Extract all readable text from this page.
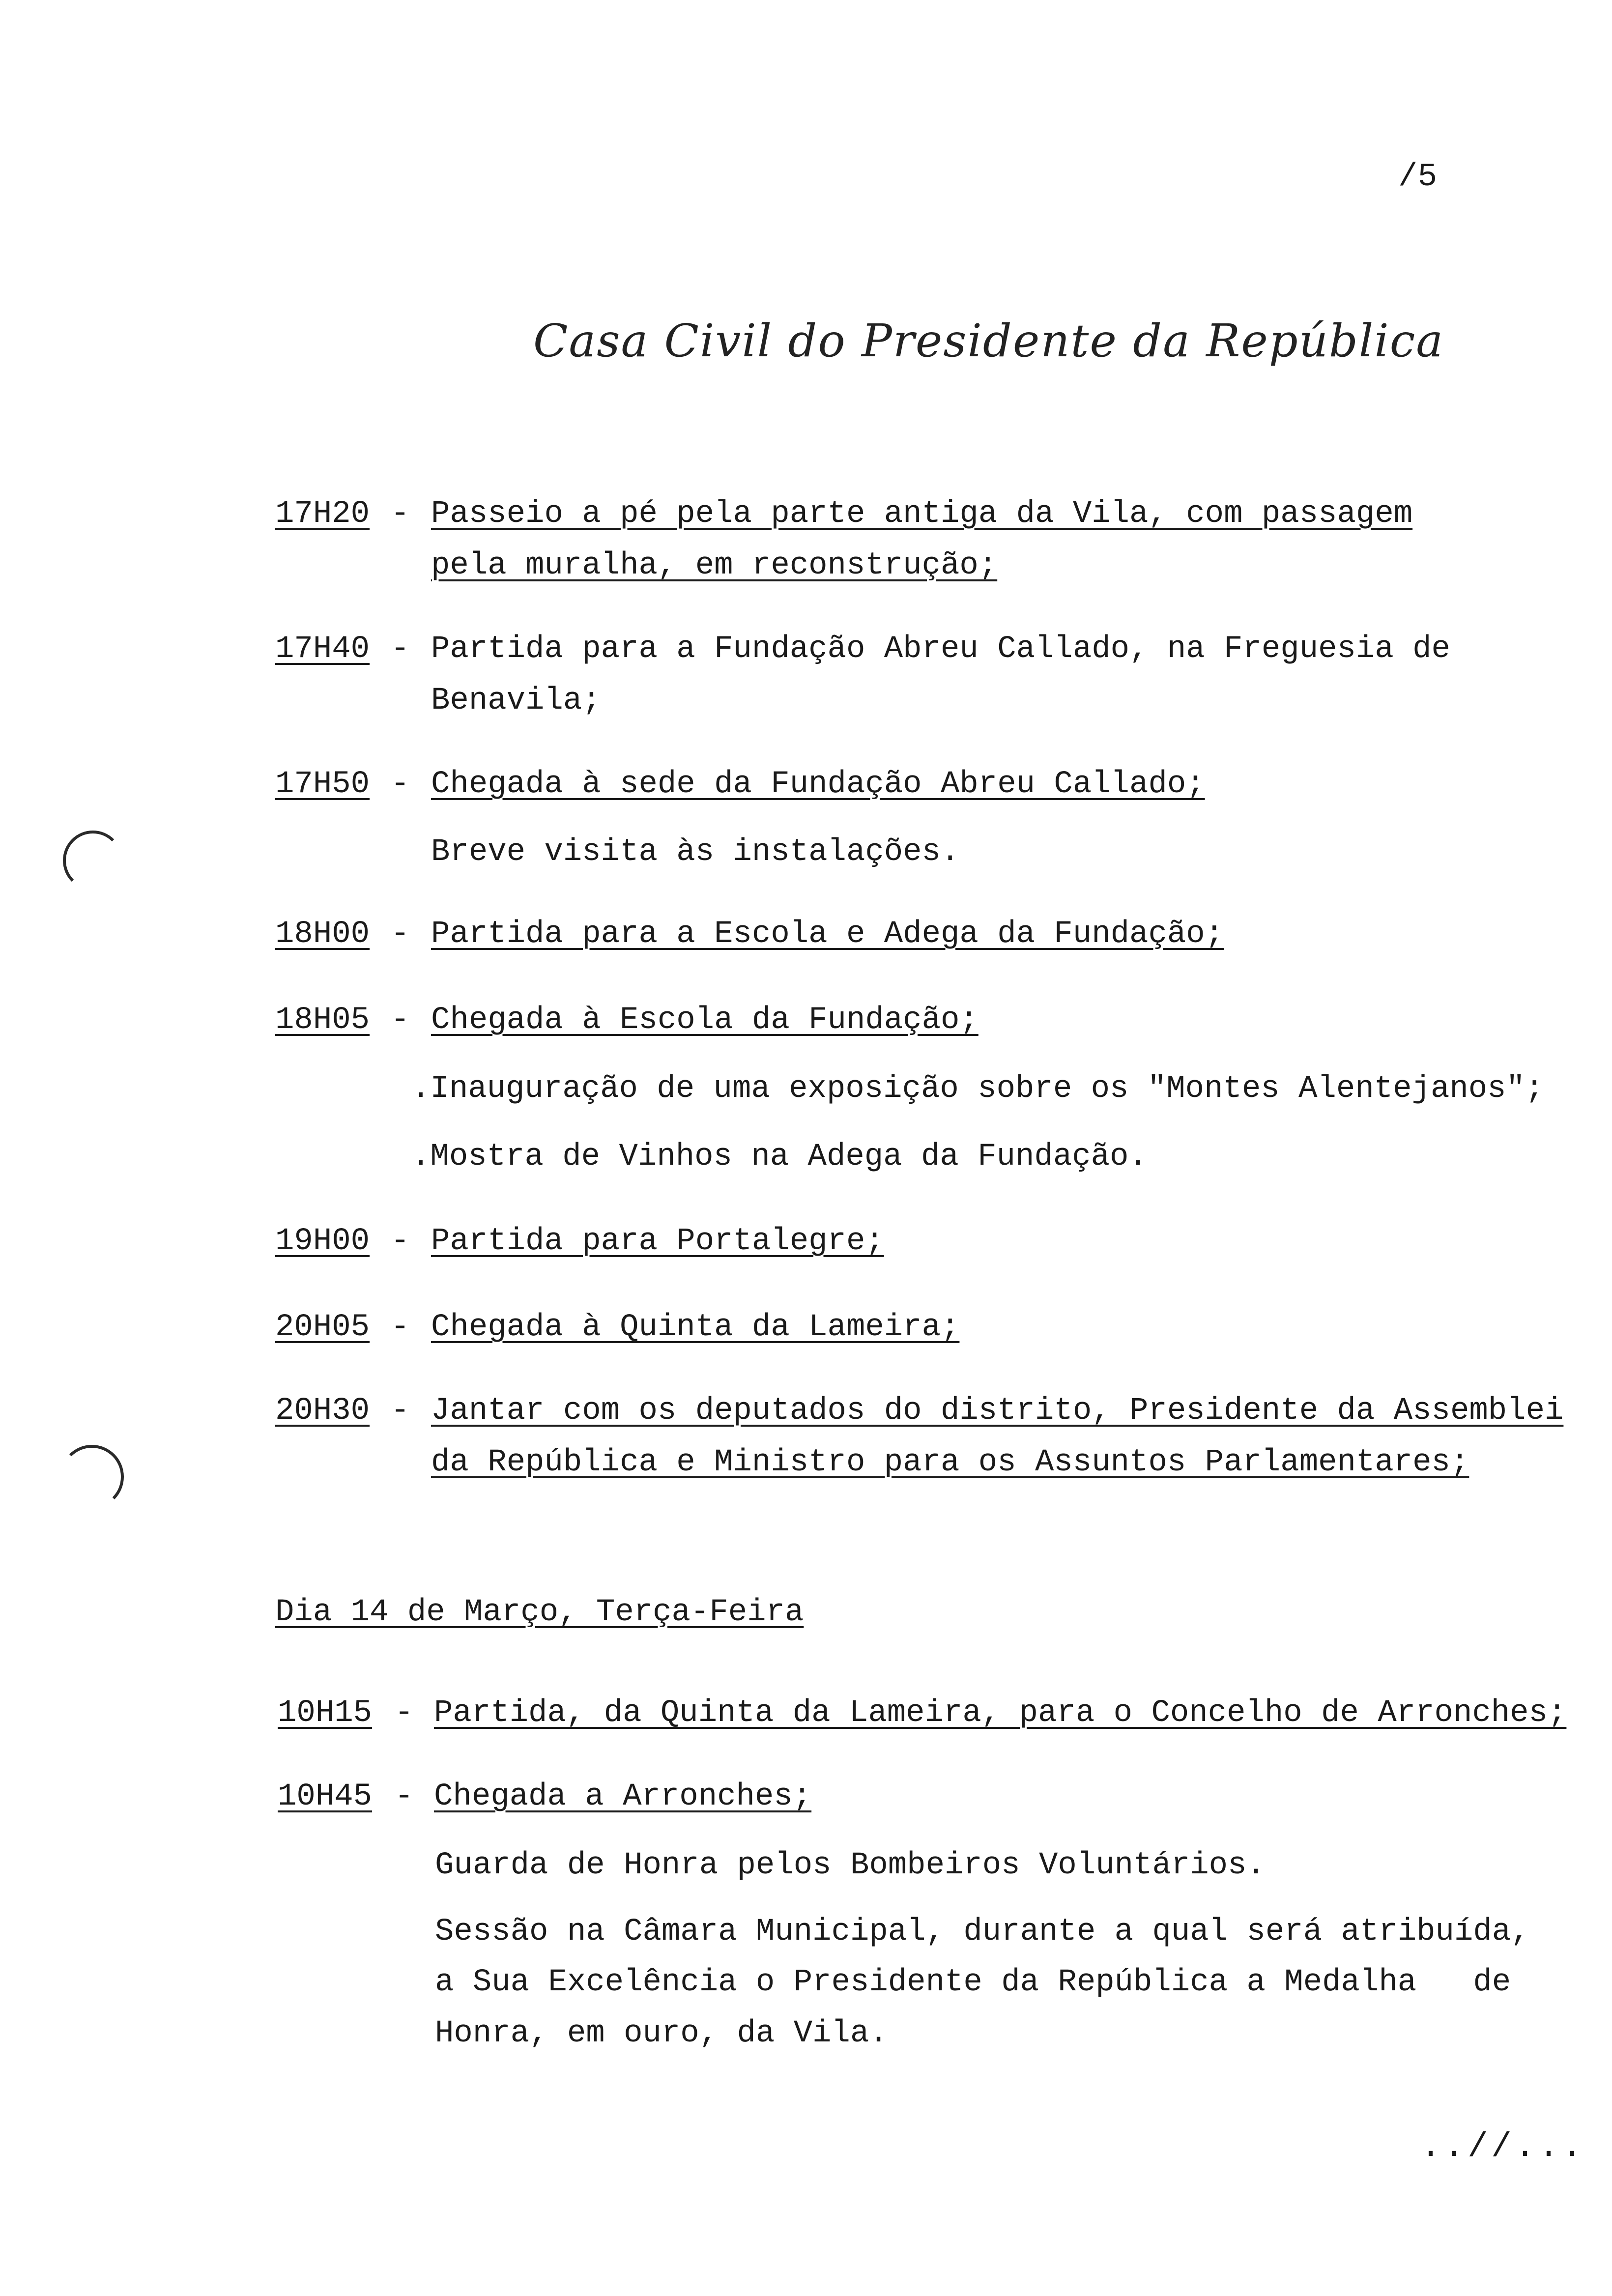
/5
Casa Civil do Presidente da República
17H20 - Passeio a pé pela parte antiga da Vila, com passagem
pela muralha, em reconstrução;
17H40 - Partida para a Fundação Abreu Callado, na Freguesia de
Benavila;
17H50 - Chegada à sede da Fundação Abreu Callado;
Breve visita às instalações.
18H00 - Partida para a Escola e Adega da Fundação;
18H05 - Chegada à Escola da Fundação;
.Inauguração de uma exposição sobre os "Montes Alentejanos";
.Mostra de Vinhos na Adega da Fundação.
19H00 - Partida para Portalegre;
20H05 - Chegada à Quinta da Lameira;
20H30 - Jantar com os deputados do distrito, Presidente da Assemblei
da República e Ministro para os Assuntos Parlamentares;
Dia 14 de Março, Terça-Feira
10H15 - Partida, da Quinta da Lameira, para o Concelho de Arronches;
10H45 - Chegada a Arronches;
Guarda de Honra pelos Bombeiros Voluntários.
Sessão na Câmara Municipal, durante a qual será atribuída,
a Sua Excelência o Presidente da República a Medalha   de
Honra, em ouro, da Vila.
..//...
